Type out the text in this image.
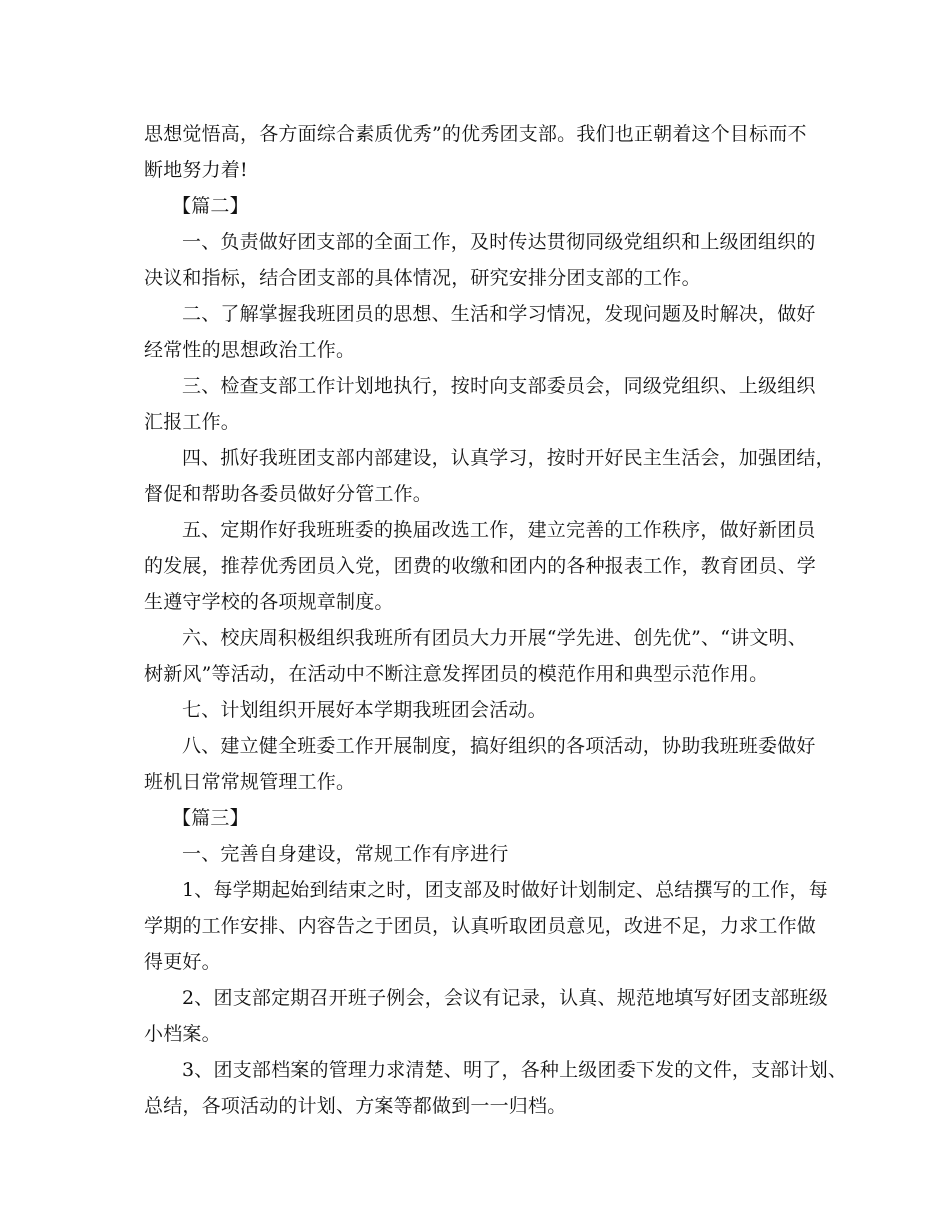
思想觉悟高，各方面综合素质优秀”的优秀团支部。我们也正朝着这个目标而不
断地努力着!
【篇二】
一、负责做好团支部的全面工作，及时传达贯彻同级党组织和上级团组织的
决议和指标，结合团支部的具体情况，研究安排分团支部的工作。
二、了解掌握我班团员的思想、生活和学习情况，发现问题及时解决，做好
经常性的思想政治工作。
三、检查支部工作计划地执行，按时向支部委员会，同级党组织、上级组织
汇报工作。
四、抓好我班团支部内部建设，认真学习，按时开好民主生活会，加强团结，
督促和帮助各委员做好分管工作。
五、定期作好我班班委的换届改选工作，建立完善的工作秩序，做好新团员
的发展，推荐优秀团员入党，团费的收缴和团内的各种报表工作，教育团员、学
生遵守学校的各项规章制度。
六、校庆周积极组织我班所有团员大力开展“学先进、创先优”、“讲文明、
树新风”等活动，在活动中不断注意发挥团员的模范作用和典型示范作用。
七、计划组织开展好本学期我班团会活动。
八、建立健全班委工作开展制度，搞好组织的各项活动，协助我班班委做好
班机日常常规管理工作。
【篇三】
一、完善自身建设，常规工作有序进行
1、每学期起始到结束之时，团支部及时做好计划制定、总结撰写的工作，每
学期的工作安排、内容告之于团员，认真听取团员意见，改进不足，力求工作做
得更好。
2、团支部定期召开班子例会，会议有记录，认真、规范地填写好团支部班级
小档案。
3、团支部档案的管理力求清楚、明了，各种上级团委下发的文件，支部计划、
总结，各项活动的计划、方案等都做到一一归档。
